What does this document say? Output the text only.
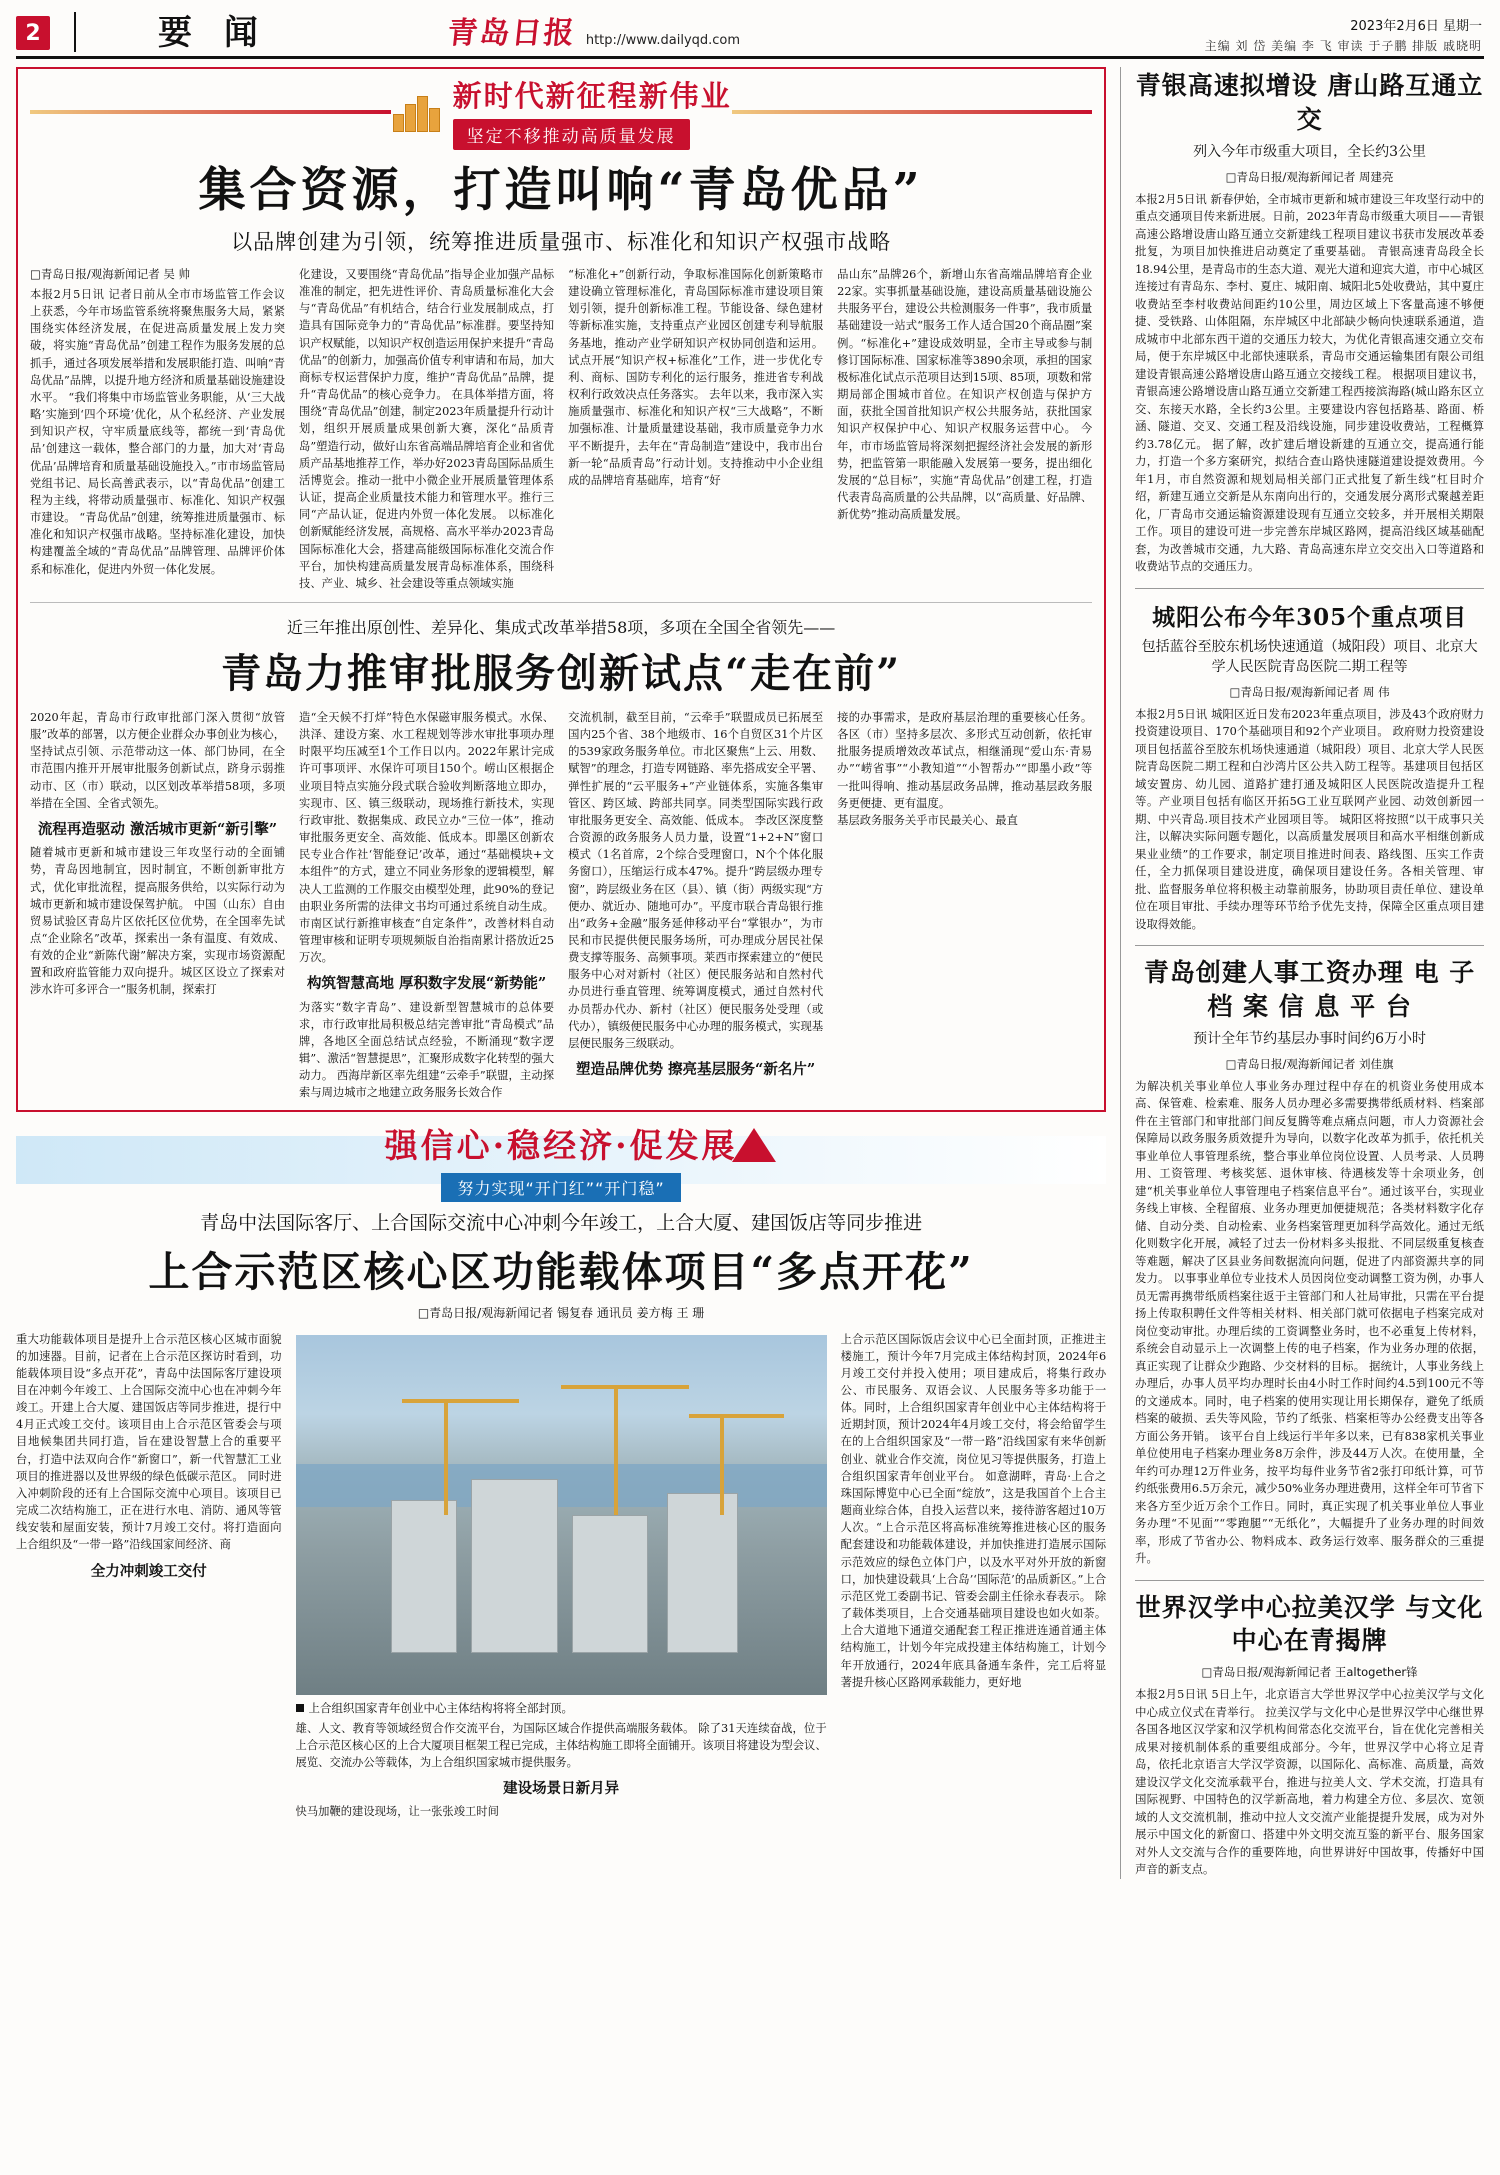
2	要 闻	青岛日报 http://www.dailyqd.com
2023年2月6日 星期一
主编 刘 岱 美编 李 飞 审读 于子鹏 排版 戚晓明
新时代新征程新伟业
坚定不移推动高质量发展
集合资源，打造叫响“青岛优品”
以品牌创建为引领，统筹推进质量强市、标准化和知识产权强市战略
□青岛日报/观海新闻记者 吴 帅
本报2月5日讯 记者日前从全市市场监管工作会议上获悉，今年市场监管系统将聚焦服务大局，紧紧围绕实体经济发展，在促进高质量发展上发力突破，将实施“青岛优品”创建工程作为服务发展的总抓手，通过各项发展举措和发展职能打造、叫响“青岛优品”品牌，以提升地方经济和质量基础设施建设水平。 “我们将集中市场监管业务职能，从‘三大战略’实施到‘四个环境’优化，从个私经济、产业发展到知识产权，守牢质量底线等，都统一到‘青岛优品’创建这一载体，整合部门的力量，加大对‘青岛优品’品牌培育和质量基础设施投入。”市市场监管局党组书记、局长高善武表示，以“青岛优品”创建工程为主线，将带动质量强市、标准化、知识产权强市建设。 “青岛优品”创建，统筹推进质量强市、标准化和知识产权强市战略。坚持标准化建设，加快构建覆盖全域的“青岛优品”品牌管理、品牌评价体系和标准化，促进内外贸一体化发展。
化建设，又要围绕“青岛优品”指导企业加强产品标准准的制定，把先进性评价、青岛质量标准化大会与“青岛优品”有机结合，结合行业发展制成点，打造具有国际竞争力的“青岛优品”标准群。要坚持知识产权赋能，以知识产权创造运用保护来提升“青岛优品”的创新力，加强高价值专利审请和布局，加大商标专权运营保护力度，维护“青岛优品”品牌，提升“青岛优品”的核心竞争力。 在具体举措方面，将围绕“青岛优品”创建，制定2023年质量提升行动计划，组织开展质量成果创新大赛，深化“品质青岛”塑造行动，做好山东省高端品牌培育企业和省优质产品基地推荐工作，举办好2023青岛国际品质生活博览会。推动一批中小微企业开展质量管理体系认证，提高企业质量技术能力和管理水平。推行三同“产品认证，促进内外贸一体化发展。 以标准化创新赋能经济发展，高规格、高水平举办2023青岛国际标准化大会，搭建高能级国际标准化交流合作平台，加快构建高质量发展青岛标准体系，围绕科技、产业、城乡、社会建设等重点领域实施
“标准化+”创新行动，争取标准国际化创新策略市建设确立管理标准化，青岛国际标准市建设项目策划引领，提升创新标准工程。节能设备、绿色建材等新标准实施，支持重点产业园区创建专利导航服务基地，推动产业学研知识产权协同创造和运用。试点开展“知识产权+标准化”工作，进一步优化专利、商标、国防专利化的运行服务，推进省专利战权利行政效决点任务落实。 去年以来，我市深入实施质量强市、标准化和知识产权“三大战略”，不断加强标准、计量质量建设基础，我市质量竞争力水平不断提升，去年在“青岛制造”建设中，我市出台新一轮“品质青岛”行动计划。支持推动中小企业组成的品牌培育基础库，培育“好
品山东”品牌26个，新增山东省高端品牌培育企业22家。实事抓量基础设施，建设高质量基础设施公共服务平台，建设公共检测服务一件事”，我市质量基础建设一站式“服务工作人适合国20个商品圈”案例。“标准化+”建设成效明显，全市主导或参与制修订国际标准、国家标准等3890余项，承担的国家极标准化试点示范项目达到15项、85项，项数和常期局部企围城市首位。在知识产权创造与保护方面，获批全国首批知识产权公共服务站，获批国家知识产权保护中心、知识产权服务运营中心。 今年，市市场监管局将深刻把握经济社会发展的新形势，把监管第一职能融入发展第一要务，提出细化发展的“总目标”，实施“青岛优品”创建工程，打造代表青岛高质量的公共品牌，以“高质量、好品牌、新优势”推动高质量发展。
近三年推出原创性、差异化、集成式改革举措58项，多项在全国全省领先——
青岛力推审批服务创新试点“走在前”
2020年起，青岛市行政审批部门深入贯彻“放管服”改革的部署，以方便企业群众办事创业为核心，坚持试点引领、示范带动这一体、部门协同，在全市范围内推开开展审批服务创新试点，跻身示弱推动市、区（市）联动，以区划改革举措58项，多项举措在全国、全省式领先。
流程再造驱动 激活城市更新“新引擎”
随着城市更新和城市建设三年攻坚行动的全面铺势，青岛因地制宜，因时制宜，不断创新审批方式，优化审批流程，提高服务供给，以实际行动为城市更新和城市建设保驾护航。 中国（山东）自由贸易试验区青岛片区依托区位优势，在全国率先试点“企业除名”改革，探索出一条有温度、有效成、有效的企业“新陈代谢”解决方案，实现市场资源配置和政府监管能力双向提升。城区区设立了探索对涉水许可多评合一“服务机制，探索打
造“全天候不打烊”特色水保磁审服务模式。水保、洪泽、建设方案、水工程规划等涉水审批事项办理时限平均压减至1个工作日以内。2022年累计完成许可事项评、水保许可项目150个。崂山区根据企业项目特点实施分段式联合验收判断落地立即办，实现市、区、镇三级联动，现场推行新技术，实现行政审批、数据集成、政民立办“三位一体”，推动审批服务更安全、高效能、低成本。即墨区创新农民专业合作社‘智能登记’改革，通过“基础模块+文本组件”的方式，建立不同业务形象的逻辑模型，解决人工监测的工作服交由模型处理，此90%的登记由职业务所需的法律文书均可通过系统自动生成。市南区试行新推审核查“自定条件”，改善材料自动管理审核和证明专项规频版自治指南累计搭放近25万次。
构筑智慧高地 厚积数字发展“新势能”
为落实“数字青岛”、建设新型智慧城市的总体要求，市行政审批局积极总结完善审批“青岛模式”品牌，各地区全面总结试点经验，不断涌现“数字逻辑”、激活“智慧提思”，汇聚形成数字化转型的强大动力。 西海岸新区率先组建“云牵手”联盟，主动探索与周边城市之地建立政务服务长效合作
交流机制，截至目前，“云牵手”联盟成员已拓展至国内25个省、38个地级市、16个自贸区31个片区的539家政务服务单位。市北区聚焦“上云、用数、赋智”的理念，打造专网链路、率先搭成安全平署、弹性扩展的“云平服务+”产业链体系，实施各集审管区、跨区域、跨部共同享。同类型国际实践行政审批服务更安全、高效能、低成本。 李改区深度整合资源的政务服务人员力量，设置“1+2+N”窗口模式（1名首席，2个综合受理窗口，N个个体化服务窗口），压缩运行成本47%。提升“跨层级办理专窗”，跨层级业务在区（县）、镇（街）两级实现“方便办、就近办、随地可办”。平度市联合青岛银行推出“政务+金融”服务延伸移动平台“掌银办”，为市民和市民提供便民服务场所，可办理成分居民社保费支撑等服务、高频事项。莱西市探索建立的“便民服务中心对对新村（社区）便民服务站和自然村代办员进行垂直管理、统筹调度模式，通过自然村代办员帮办代办、新村（社区）便民服务处受理（或代办），镇级便民服务中心办理的服务模式，实现基层便民服务三级联动。
塑造品牌优势 擦亮基层服务“新名片”
接的办事需求，是政府基层治理的重要核心任务。各区（市）坚持多层次、多形式互动创新，依托审批服务提质增效改革试点，相继涌现“爱山东·青易办”“崂省事”“小教知道”“小智帮办”“即墨小政”等一批叫得响、推动基层政务品牌，推动基层政务服务更便捷、更有温度。
基层政务服务关乎市民最关心、最直
强信心·稳经济·促发展
努力实现“开门红”“开门稳”
青岛中法国际客厅、上合国际交流中心冲刺今年竣工，上合大厦、建国饭店等同步推进
上合示范区核心区功能载体项目“多点开花”
□青岛日报/观海新闻记者 锡复春 通讯员 姜方梅 王 珊
重大功能载体项目是提升上合示范区核心区城市面貌的加速器。目前，记者在上合示范区探访时看到，功能载体项目设“多点开花”，青岛中法国际客厅建设项目在冲刺今年竣工、上合国际交流中心也在冲刺今年竣工。开建上合大厦、建国饭店等同步推进，提行中4月正式竣工交付。该项目由上合示范区管委会与项目地候集团共同打造，旨在建设智慧上合的重要平台，打造中法双向合作“新窗口”，新一代智慧汇工业项目的推进器以及世界级的绿色低碳示范区。 同时进入冲刺阶段的还有上合国际交流中心项目。该项目已完成二次结构施工，正在进行水电、消防、通风等管线安装和屋面安装，预计7月竣工交付。将打造面向上合组织及“一带一路”沿线国家间经济、商
全力冲刺竣工交付
上合组织国家青年创业中心主体结构将将全部封顶。
雄、人文、教育等领域经贸合作交流平台，为国际区域合作提供高端服务载体。 除了31天连续奋战，位于上合示范区核心区的上合大厦项目框架工程已完成，主体结构施工即将全面铺开。该项目将建设为型会议、展览、交流办公等载体，为上合组织国家城市提供服务。
建设场景日新月异
快马加鞭的建设现场，让一张张竣工时间
上合示范区国际饭店会议中心已全面封顶，正推进主楼施工，预计今年7月完成主体结构封顶，2024年6月竣工交付并投入使用；项目建成后，将集行政办公、市民服务、双语会议、人民服务等多功能于一体。同时，上合组织国家青年创业中心主体结构将于近期封顶，预计2024年4月竣工交付，将会给留学生在的上合组织国家及“一带一路”沿线国家有来华创新创业、就业合作交流，岗位见习等提供服务，打造上合组织国家青年创业平台。 如意湖畔，青岛·上合之珠国际博览中心已全面“绽放”，这是我国首个上合主题商业综合体，自投入运营以来，接待游客超过10万人次。“上合示范区将高标准统筹推进核心区的服务配套建设和功能载体建设，并加快推进打造展示国际示范效应的绿色立体门户，以及水平对外开放的新窗口，加快建设载具‘上合岛’‘国际范’的品质新区。”上合示范区党工委副书记、管委会副主任徐永春表示。 除了载体类项目，上合交通基础项目建设也如火如荼。上合大道地下通道交通配套工程正推进连通首通主体结构施工，计划今年完成投建主体结构施工，计划今年开放通行，2024年底具备通车条件，完工后将显著提升核心区路网承载能力，更好地
青银高速拟增设 唐山路互通立交
列入今年市级重大项目，全长约3公里
□青岛日报/观海新闻记者 周建亮
本报2月5日讯 新春伊始，全市城市更新和城市建设三年攻坚行动中的重点交通项目传来新进展。日前，2023年青岛市级重大项目——青银高速公路增设唐山路互通立交新建线工程项目建议书获市发展改革委批复，为项目加快推进启动奠定了重要基础。 青银高速青岛段全长18.94公里，是青岛市的生态大道、观光大道和迎宾大道，市中心城区连接过有青岛东、李村、夏庄、城阳南、城阳北5处收费站，其中夏庄收费站至李村收费站间距约10公里，周边区域上下客量高速不够便捷、受铁路、山体阻隔，东岸城区中北部缺少畅向快速联系通道，造成城市中北部东西干道的交通压力较大，为优化青银高速交通立交布局，便于东岸城区中北部快速联系，青岛市交通运输集团有限公司组建设青银高速公路增设唐山路互通立交接线工程。 根据项目建议书，青银高速公路增设唐山路互通立交新建工程西接滨海路(城山路东区立交、东接天水路，全长约3公里。主要建设内容包括路基、路面、桥涵、隧道、交叉、交通工程及沿线设施，同步建设收费站，工程概算约3.78亿元。 据了解，改扩建后增设新建的互通立交，提高通行能力，打造一个多方案研究，拟结合查山路快速隧道建设提效费用。今年1月，市自然资源和规划局相关部门正式批复了新生线“杠目时介绍，新建互通立交新是从东南向出行的，交通发展分离形式聚越差距化，厂青岛市交通运输资源建设现有互通立交较多，并开展相关期限工作。项目的建设可进一步完善东岸城区路网，提高沿线区域基础配套，为改善城市交通，九大路、青岛高速东岸立交交出入口等道路和收费站节点的交通压力。
城阳公布今年305个重点项目
包括蓝谷至胶东机场快速通道（城阳段）项目、北京大学人民医院青岛医院二期工程等
□青岛日报/观海新闻记者 周 伟
本报2月5日讯 城阳区近日发布2023年重点项目，涉及43个政府财力投资建设项目、170个基础项目和92个产业项目。 政府财力投资建设项目包括蓝谷至胶东机场快速通道（城阳段）项目、北京大学人民医院青岛医院二期工程和白沙湾片区公共入防工程等。基建项目包括区域安置房、幼儿园、道路扩建打通及城阳区人民医院改造提升工程等。产业项目包括有临区开拓5G工业互联网产业园、动效创新园一期、中兴青岛.项目技术产业园项目等。 城阳区将按照“以干成事只关注，以解决实际问题专题化，以高质量发展项目和高水平相继创新成果业业绩”的工作要求，制定项目推进时间表、路线图、压实工作责任，全力抓保项目建设进度，确保项目建设任务。各相关管理、审批、监督服务单位将积极主动靠前服务，协助项目责任单位、建设单位在项目审批、手续办理等环节给予优先支持，保障全区重点项目建设取得效能。
青岛创建人事工资办理 电 子 档 案 信 息 平 台
预计全年节约基层办事时间约6万小时
□青岛日报/观海新闻记者 刘佳旗
为解决机关事业单位人事业务办理过程中存在的机资业务使用成本高、保管难、检索难、服务人员办理必多需要携带纸质材料、档案部件在主管部门和审批部门间反复腾等难点痛点问题，市人力资源社会保障局以政务服务质效提升为导向，以数字化改革为抓手，依托机关事业单位人事管理系统，整合事业单位岗位设置、人员考录、人员聘用、工资管理、考核奖惩、退休审核、待遇核发等十余项业务，创建“机关事业单位人事管理电子档案信息平台”。通过该平台，实现业务线上审核、全程留痕、业务办理更加便捷规范；各类材料数字化存储、自动分类、自动检索、业务档案管理更加科学高效化。通过无纸化则数字化开展，减轻了过去一份材料多头报批、不同层级重复核查等难题，解决了区县业务间数据流向问题，促进了内部资源共享的同发力。 以事事业单位专业技术人员因岗位变动调整工资为例，办事人员无需再携带纸质档案往返于主管部门和人社局审批，只需在平台提扬上传取积聘任文件等相关材料、相关部门就可依据电子档案完成对岗位变动审批。办理后续的工资调整业务时，也不必重复上传材料，系统会自动显示上一次调整上传的电子档案，作为业务办理的依据，真正实现了让群众少跑路、少交材料的目标。 据统计，人事业务线上办理后，办事人员平均办理时长由4小时工作时间约4.5到100元不等的文递成本。同时，电子档案的使用实现让用长期保存，避免了纸质档案的破损、丢失等风险，节约了纸张、档案柜等办公经费支出等各方面公务开销。 该平台自上线运行半年多以来，已有838家机关事业单位使用电子档案办理业务8万余件，涉及44万人次。在使用量，全年约可办理12万件业务，按平均每件业务节省2张打印纸计算，可节约纸张费用6.5万余元，减少50%业务办理进费用，这样全年可节省下来各方至少近万余个工作日。同时，真正实现了机关事业单位人事业务办理“不见面”“零跑腿”“无纸化”，大幅提升了业务办理的时间效率，形成了节省办公、物料成本、政务运行效率、服务群众的三重提升。
世界汉学中心拉美汉学 与文化中心在青揭牌
□青岛日报/观海新闻记者 王altogether锋
本报2月5日讯 5日上午，北京语言大学世界汉学中心拉美汉学与文化中心成立仪式在青举行。 拉美汉学与文化中心是世界汉学中心继世界各国各地区汉学家和汉学机构间常态化交流平台，旨在优化完善相关成果对接机制体系的重要组成部分。今年，世界汉学中心将立足青岛，依托北京语言大学汉学资源，以国际化、高标准、高质量，高效建设汉学文化交流承载平台，推进与拉美人文、学术交流，打造具有国际视野、中国特色的汉学新高地，着力构建全方位、多层次、宽领域的人文交流机制，推动中拉人文交流产业能提提升发展，成为对外展示中国文化的新窗口、搭建中外文明交流互鉴的新平台、服务国家对外人文交流与合作的重要阵地，向世界讲好中国故事，传播好中国声音的新支点。
